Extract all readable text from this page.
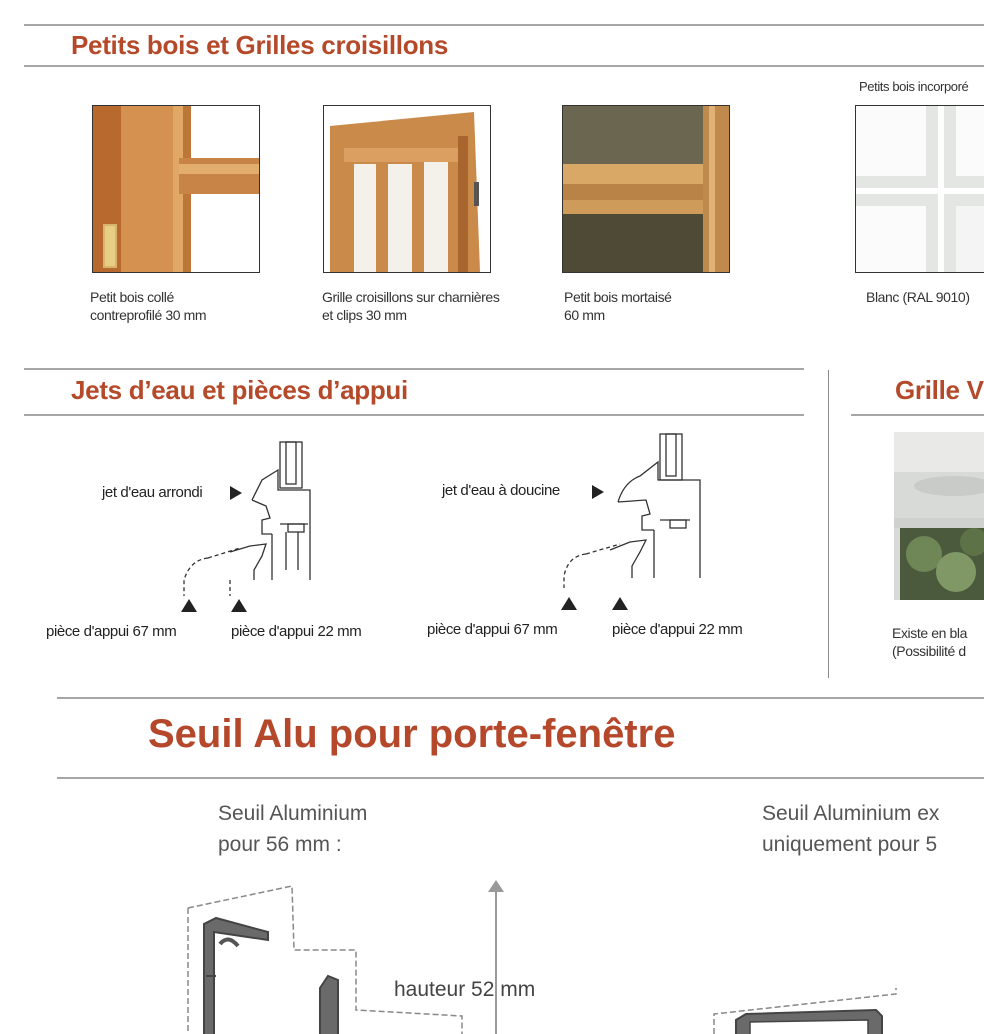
Petits bois et Grilles croisillons
Petits bois incorporé
Petit bois collé
contreprofilé 30 mm
Grille croisillons sur charnières
et clips 30 mm
Petit bois mortaisé
60 mm
Blanc (RAL 9010)
Jets d’eau et pièces d’appui
jet d'eau arrondi
pièce d'appui 67 mm	pièce d'appui 22 mm
jet d'eau à doucine
pièce d'appui 67 mm	pièce d'appui 22 mm
Grille V
Existe en bla
(Possibilité d
Seuil Alu pour porte-fenêtre
Seuil Aluminium
pour 56 mm :
Seuil Aluminium ex
uniquement pour 5
hauteur 52 mm
